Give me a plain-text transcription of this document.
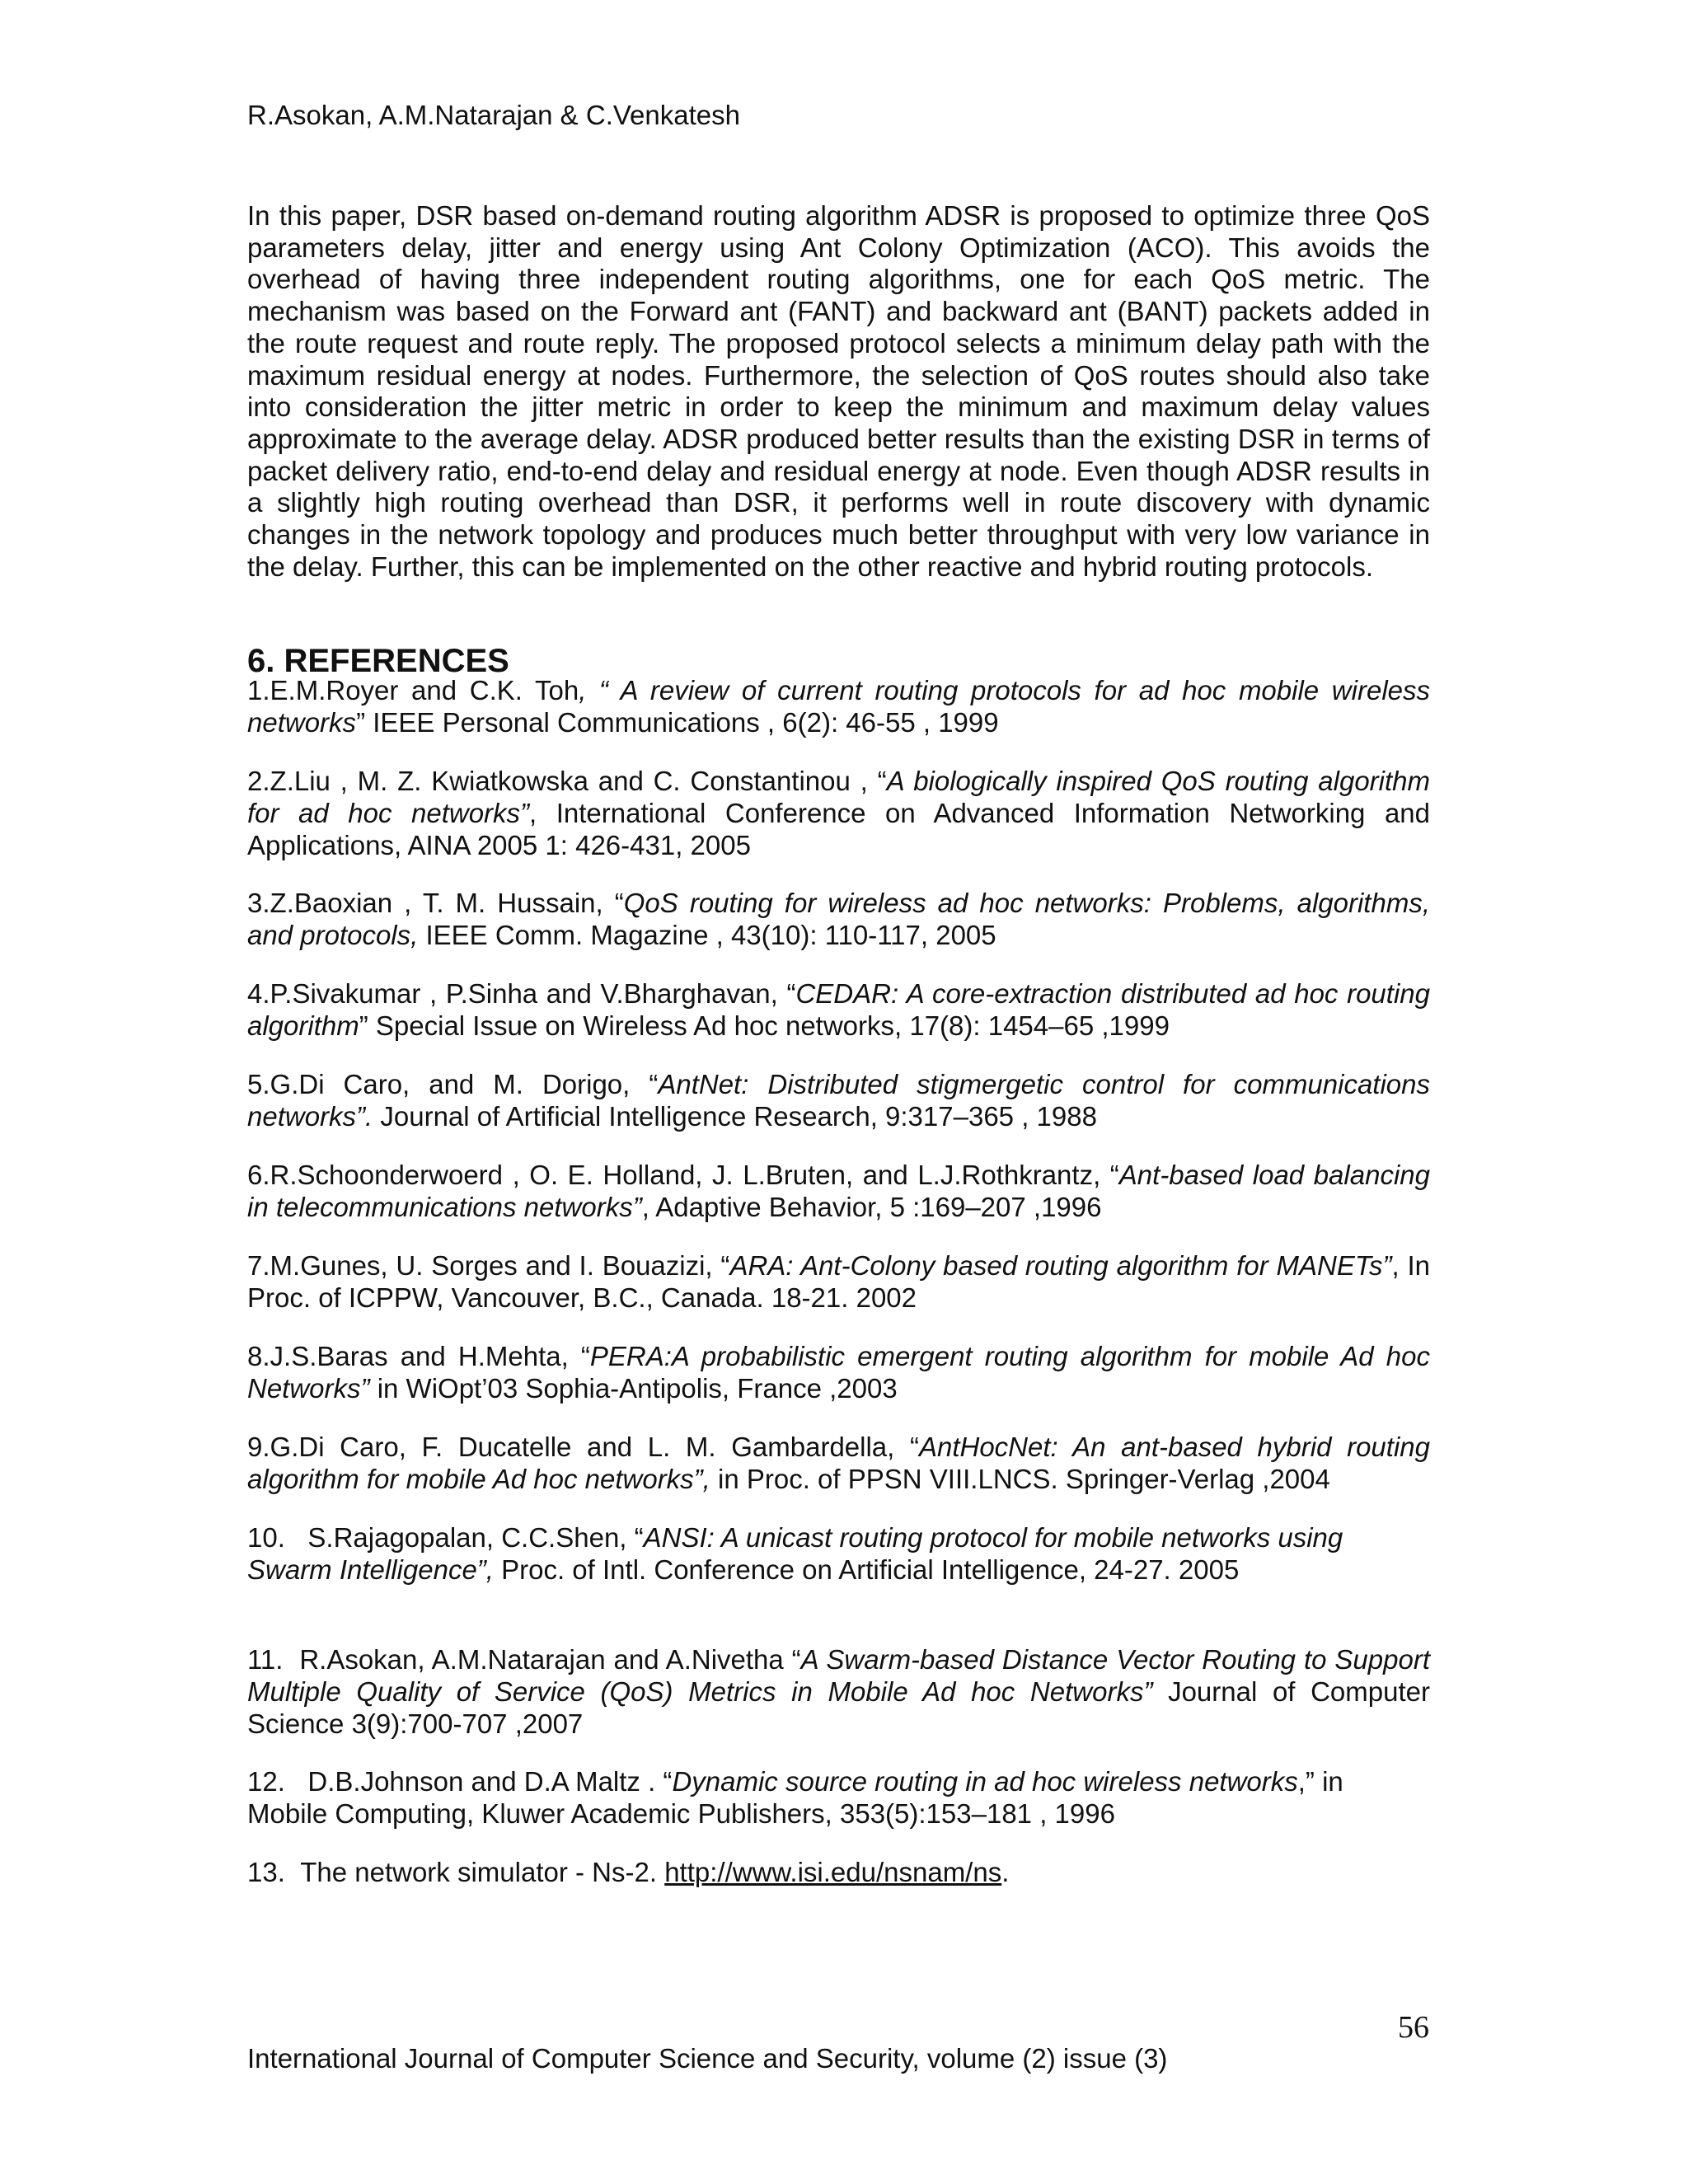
R.Asokan, A.M.Natarajan & C.Venkatesh

In this paper, DSR based on-demand routing algorithm ADSR is proposed to optimize three QoS parameters delay, jitter and energy using Ant Colony Optimization (ACO). This avoids the overhead of having three independent routing algorithms, one for each QoS metric. The mechanism was based on the Forward ant (FANT) and backward ant (BANT) packets added in the route request and route reply. The proposed protocol selects a minimum delay path with the maximum residual energy at nodes. Furthermore, the selection of QoS routes should also take into consideration the jitter metric in order to keep the minimum and maximum delay values approximate to the average delay. ADSR produced better results than the existing DSR in terms of packet delivery ratio, end-to-end delay and residual energy at node. Even though ADSR results in a slightly high routing overhead than DSR, it performs well in route discovery with dynamic changes in the network topology and produces much better throughput with very low variance in the delay. Further, this can be implemented on the other reactive and hybrid routing protocols.

6. REFERENCES

1.E.M.Royer and C.K. Toh, “ A review of current routing protocols for ad hoc mobile wireless networks” IEEE Personal Communications , 6(2): 46-55 , 1999

2.Z.Liu , M. Z. Kwiatkowska and C. Constantinou , “A biologically inspired QoS routing algorithm for ad hoc networks”, International Conference on Advanced Information Networking and Applications, AINA 2005 1: 426-431, 2005

3.Z.Baoxian , T. M. Hussain, “QoS routing for wireless ad hoc networks: Problems, algorithms, and protocols, IEEE Comm. Magazine , 43(10): 110-117, 2005

4.P.Sivakumar , P.Sinha and V.Bharghavan, “CEDAR: A core-extraction distributed ad hoc routing algorithm” Special Issue on Wireless Ad hoc networks, 17(8): 1454–65 ,1999

5.G.Di Caro, and M. Dorigo, “AntNet: Distributed stigmergetic control for communications networks”. Journal of Artificial Intelligence Research, 9:317–365 , 1988

6.R.Schoonderwoerd , O. E. Holland, J. L.Bruten, and L.J.Rothkrantz, “Ant-based load balancing in telecommunications networks”, Adaptive Behavior, 5 :169–207 ,1996

7.M.Gunes, U. Sorges and I. Bouazizi, “ARA: Ant-Colony based routing algorithm for MANETs”, In Proc. of ICPPW, Vancouver, B.C., Canada. 18-21. 2002

8.J.S.Baras and H.Mehta, “PERA:A probabilistic emergent routing algorithm for mobile Ad hoc Networks” in WiOpt’03 Sophia-Antipolis, France ,2003

9.G.Di Caro, F. Ducatelle and L. M. Gambardella, “AntHocNet: An ant-based hybrid routing algorithm for mobile Ad hoc networks”, in Proc. of PPSN VIII.LNCS. Springer-Verlag ,2004

10. S.Rajagopalan, C.C.Shen, “ANSI: A unicast routing protocol for mobile networks using Swarm Intelligence”, Proc. of Intl. Conference on Artificial Intelligence, 24-27. 2005

11. R.Asokan, A.M.Natarajan and A.Nivetha “A Swarm-based Distance Vector Routing to Support Multiple Quality of Service (QoS) Metrics in Mobile Ad hoc Networks” Journal of Computer Science 3(9):700-707 ,2007

12. D.B.Johnson and D.A Maltz . “Dynamic source routing in ad hoc wireless networks,” in Mobile Computing, Kluwer Academic Publishers, 353(5):153–181 , 1996

13. The network simulator - Ns-2. http://www.isi.edu/nsnam/ns.

56
International Journal of Computer Science and Security, volume (2) issue (3)
